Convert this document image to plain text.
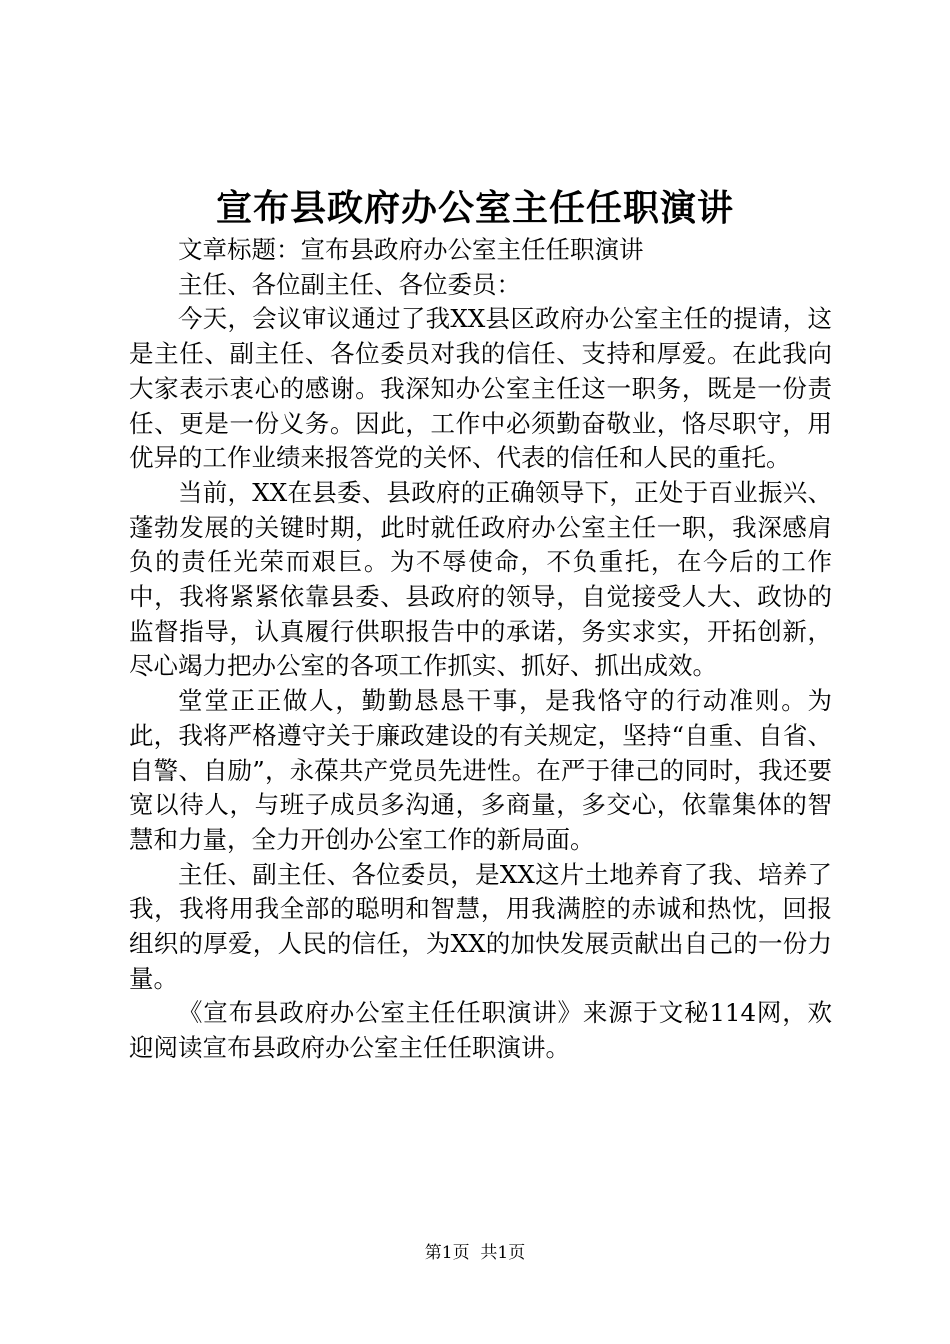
宣布县政府办公室主任任职演讲

文章标题：宣布县政府办公室主任任职演讲

主任、各位副主任、各位委员：

今天，会议审议通过了我XX县区政府办公室主任的提请，这是主任、副主任、各位委员对我的信任、支持和厚爱。在此我向大家表示衷心的感谢。我深知办公室主任这一职务，既是一份责任、更是一份义务。因此，工作中必须勤奋敬业，恪尽职守，用优异的工作业绩来报答党的关怀、代表的信任和人民的重托。

当前，XX在县委、县政府的正确领导下，正处于百业振兴、蓬勃发展的关键时期，此时就任政府办公室主任一职，我深感肩负的责任光荣而艰巨。为不辱使命，不负重托，在今后的工作中，我将紧紧依靠县委、县政府的领导，自觉接受人大、政协的监督指导，认真履行供职报告中的承诺，务实求实，开拓创新，尽心竭力把办公室的各项工作抓实、抓好、抓出成效。

堂堂正正做人，勤勤恳恳干事，是我恪守的行动准则。为此，我将严格遵守关于廉政建设的有关规定，坚持“自重、自省、自警、自励”，永葆共产党员先进性。在严于律己的同时，我还要宽以待人，与班子成员多沟通，多商量，多交心，依靠集体的智慧和力量，全力开创办公室工作的新局面。

主任、副主任、各位委员，是XX这片土地养育了我、培养了我，我将用我全部的聪明和智慧，用我满腔的赤诚和热忱，回报组织的厚爱，人民的信任，为XX的加快发展贡献出自己的一份力量。

《宣布县政府办公室主任任职演讲》来源于文秘114网，欢迎阅读宣布县政府办公室主任任职演讲。

第1页 共1页
